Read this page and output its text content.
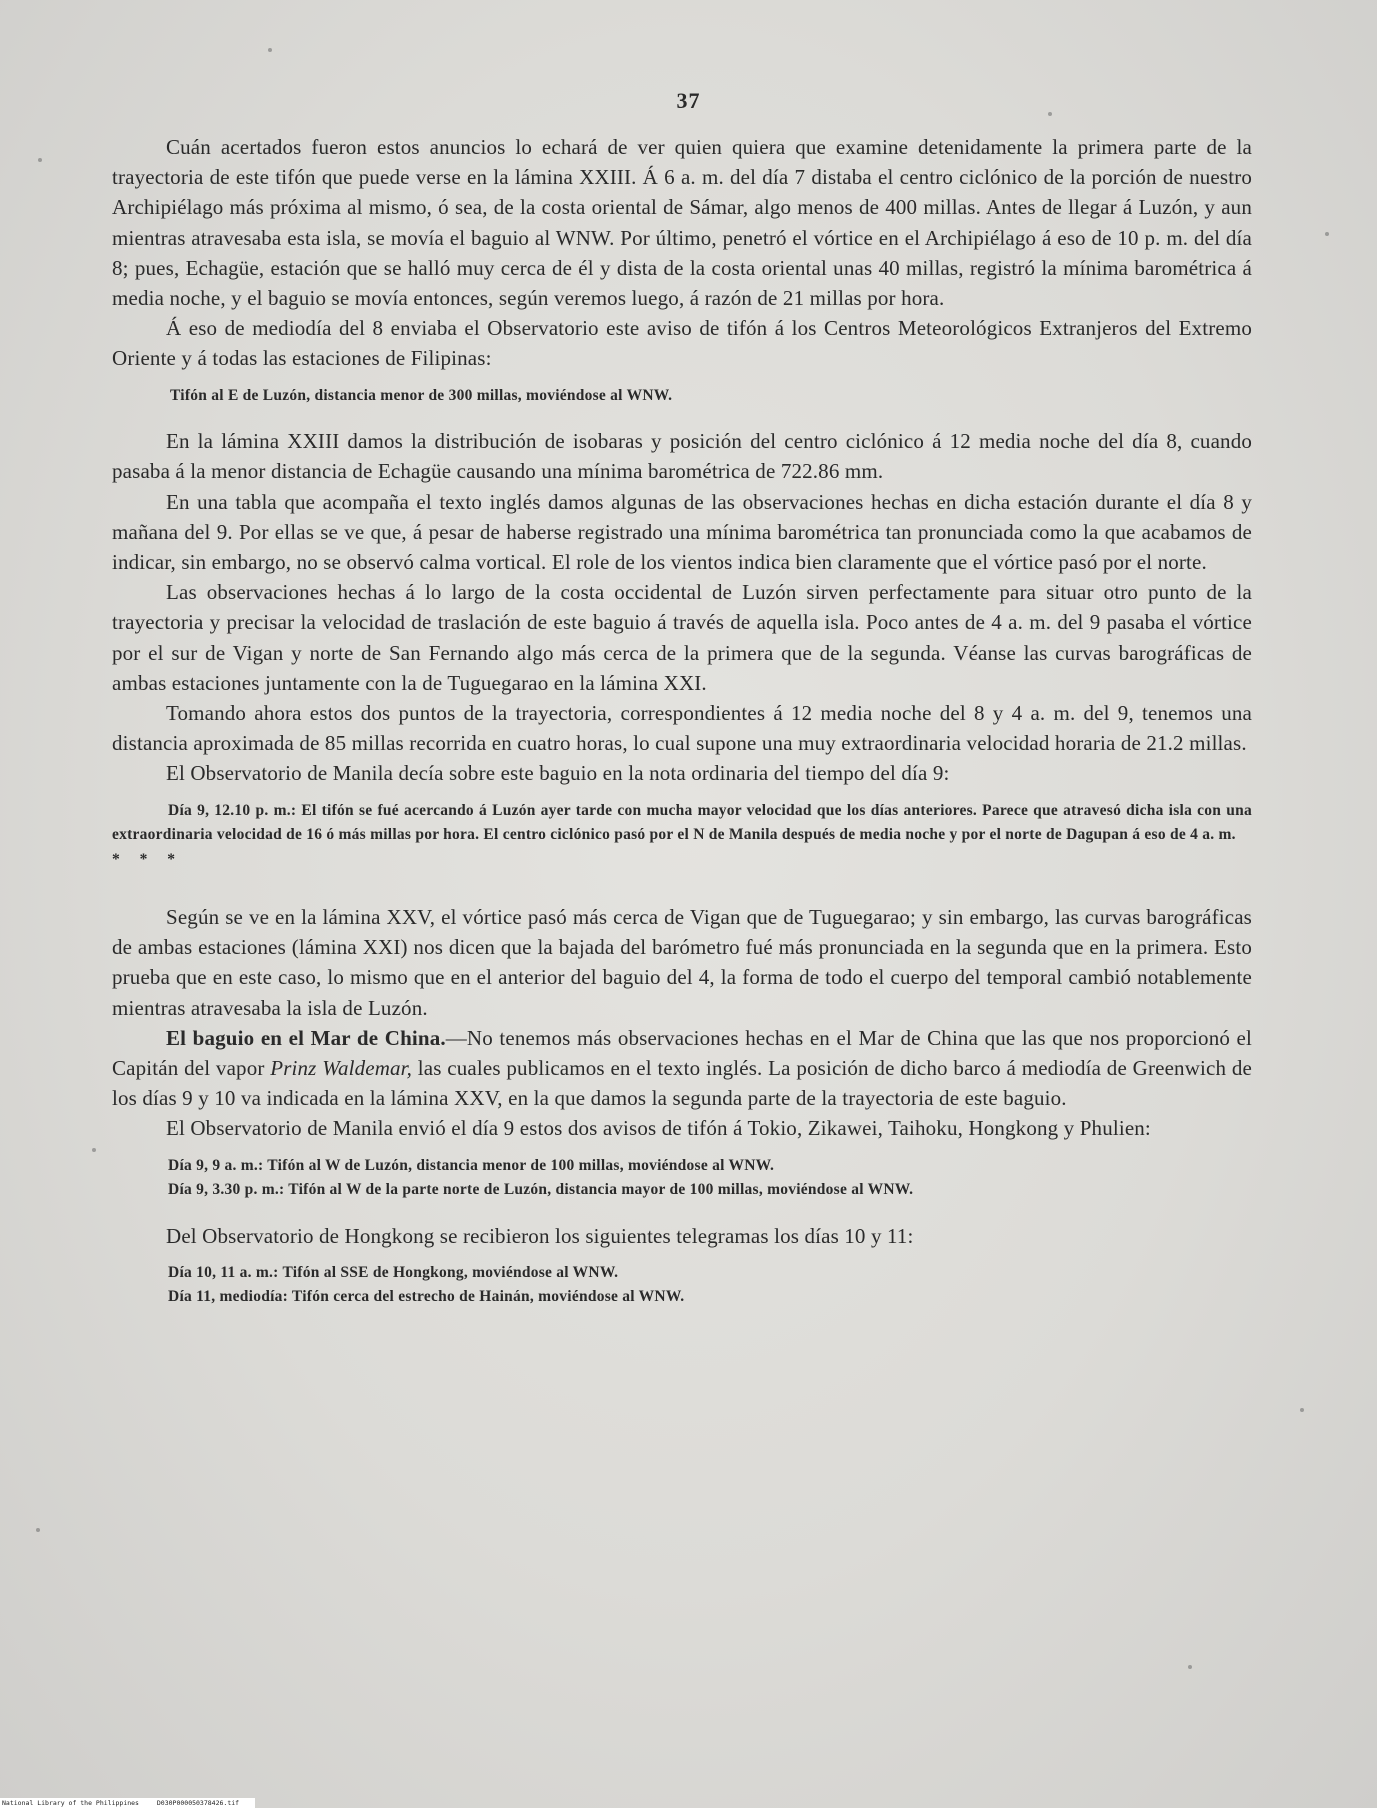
37

Cuán acertados fueron estos anuncios lo echará de ver quien quiera que examine detenidamente la primera parte de la trayectoria de este tifón que puede verse en la lámina XXIII. Á 6 a. m. del día 7 distaba el centro ciclónico de la porción de nuestro Archipiélago más próxima al mismo, ó sea, de la costa oriental de Sámar, algo menos de 400 millas. Antes de llegar á Luzón, y aun mientras atravesaba esta isla, se movía el baguio al WNW. Por último, penetró el vórtice en el Archipiélago á eso de 10 p. m. del día 8; pues, Echagüe, estación que se halló muy cerca de él y dista de la costa oriental unas 40 millas, registró la mínima barométrica á media noche, y el baguio se movía entonces, según veremos luego, á razón de 21 millas por hora.

Á eso de mediodía del 8 enviaba el Observatorio este aviso de tifón á los Centros Meteorológicos Extranjeros del Extremo Oriente y á todas las estaciones de Filipinas:

Tifón al E de Luzón, distancia menor de 300 millas, moviéndose al WNW.

En la lámina XXIII damos la distribución de isobaras y posición del centro ciclónico á 12 media noche del día 8, cuando pasaba á la menor distancia de Echagüe causando una mínima barométrica de 722.86 mm.

En una tabla que acompaña el texto inglés damos algunas de las observaciones hechas en dicha estación durante el día 8 y mañana del 9. Por ellas se ve que, á pesar de haberse registrado una mínima barométrica tan pronunciada como la que acabamos de indicar, sin embargo, no se observó calma vortical. El role de los vientos indica bien claramente que el vórtice pasó por el norte.

Las observaciones hechas á lo largo de la costa occidental de Luzón sirven perfectamente para situar otro punto de la trayectoria y precisar la velocidad de traslación de este baguio á través de aquella isla. Poco antes de 4 a. m. del 9 pasaba el vórtice por el sur de Vigan y norte de San Fernando algo más cerca de la primera que de la segunda. Véanse las curvas barográficas de ambas estaciones juntamente con la de Tuguegarao en la lámina XXI.

Tomando ahora estos dos puntos de la trayectoria, correspondientes á 12 media noche del 8 y 4 a. m. del 9, tenemos una distancia aproximada de 85 millas recorrida en cuatro horas, lo cual supone una muy extraordinaria velocidad horaria de 21.2 millas.

El Observatorio de Manila decía sobre este baguio en la nota ordinaria del tiempo del día 9:

Día 9, 12.10 p. m.: El tifón se fué acercando á Luzón ayer tarde con mucha mayor velocidad que los días anteriores. Parece que atravesó dicha isla con una extraordinaria velocidad de 16 ó más millas por hora. El centro ciclónico pasó por el N de Manila después de media noche y por el norte de Dagupan á eso de 4 a. m.

* * *

Según se ve en la lámina XXV, el vórtice pasó más cerca de Vigan que de Tuguegarao; y sin embargo, las curvas barográficas de ambas estaciones (lámina XXI) nos dicen que la bajada del barómetro fué más pronunciada en la segunda que en la primera. Esto prueba que en este caso, lo mismo que en el anterior del baguio del 4, la forma de todo el cuerpo del temporal cambió notablemente mientras atravesaba la isla de Luzón.

El baguio en el Mar de China.—No tenemos más observaciones hechas en el Mar de China que las que nos proporcionó el Capitán del vapor Prinz Waldemar, las cuales publicamos en el texto inglés. La posición de dicho barco á mediodía de Greenwich de los días 9 y 10 va indicada en la lámina XXV, en la que damos la segunda parte de la trayectoria de este baguio.

El Observatorio de Manila envió el día 9 estos dos avisos de tifón á Tokio, Zikawei, Taihoku, Hongkong y Phulien:

Día 9, 9 a. m.: Tifón al W de Luzón, distancia menor de 100 millas, moviéndose al WNW.

Día 9, 3.30 p. m.: Tifón al W de la parte norte de Luzón, distancia mayor de 100 millas, moviéndose al WNW.

Del Observatorio de Hongkong se recibieron los siguientes telegramas los días 10 y 11:

Día 10, 11 a. m.: Tifón al SSE de Hongkong, moviéndose al WNW.

Día 11, mediodía: Tifón cerca del estrecho de Hainán, moviéndose al WNW.

National Library of the Philippines	D030P000050378426.tif
